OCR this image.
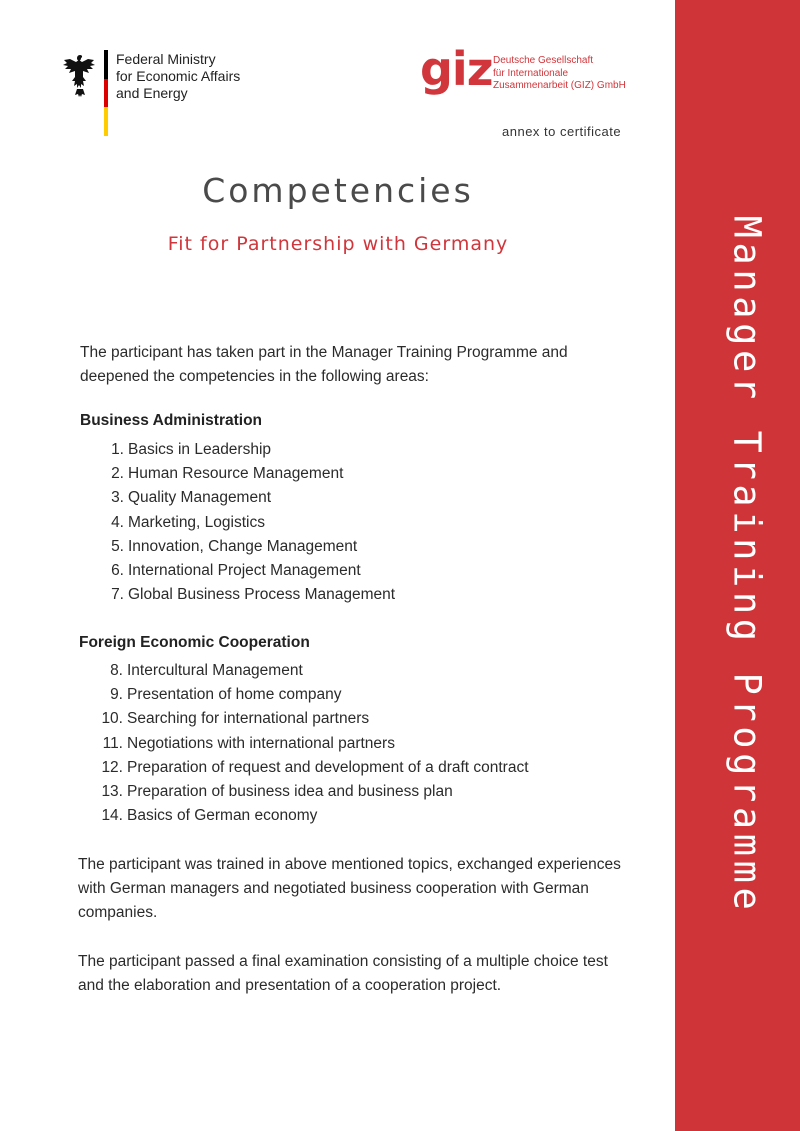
Federal Ministry
for Economic Affairs
and Energy	giz Deutsche Gesellschaft
für Internationale
Zusammenarbeit (GIZ) GmbH
annex to certificate
Competencies
Fit for Partnership with Germany
The participant has taken part in the Manager Training Programme and deepened the competencies in the following areas:
Business Administration
1. Basics in Leadership
2. Human Resource Management
3. Quality Management
4. Marketing, Logistics
5. Innovation, Change Management
6. International Project Management
7. Global Business Process Management
Foreign Economic Cooperation
8. Intercultural Management
9. Presentation of home company
10. Searching for international partners
11. Negotiations with international partners
12. Preparation of request and development of a draft contract
13. Preparation of business idea and business plan
14. Basics of German economy
The participant was trained in above mentioned topics, exchanged experiences with German managers and negotiated business cooperation with German companies.
The participant passed a final examination consisting of a multiple choice test and the elaboration and presentation of a cooperation project.
Manager Training Programme
